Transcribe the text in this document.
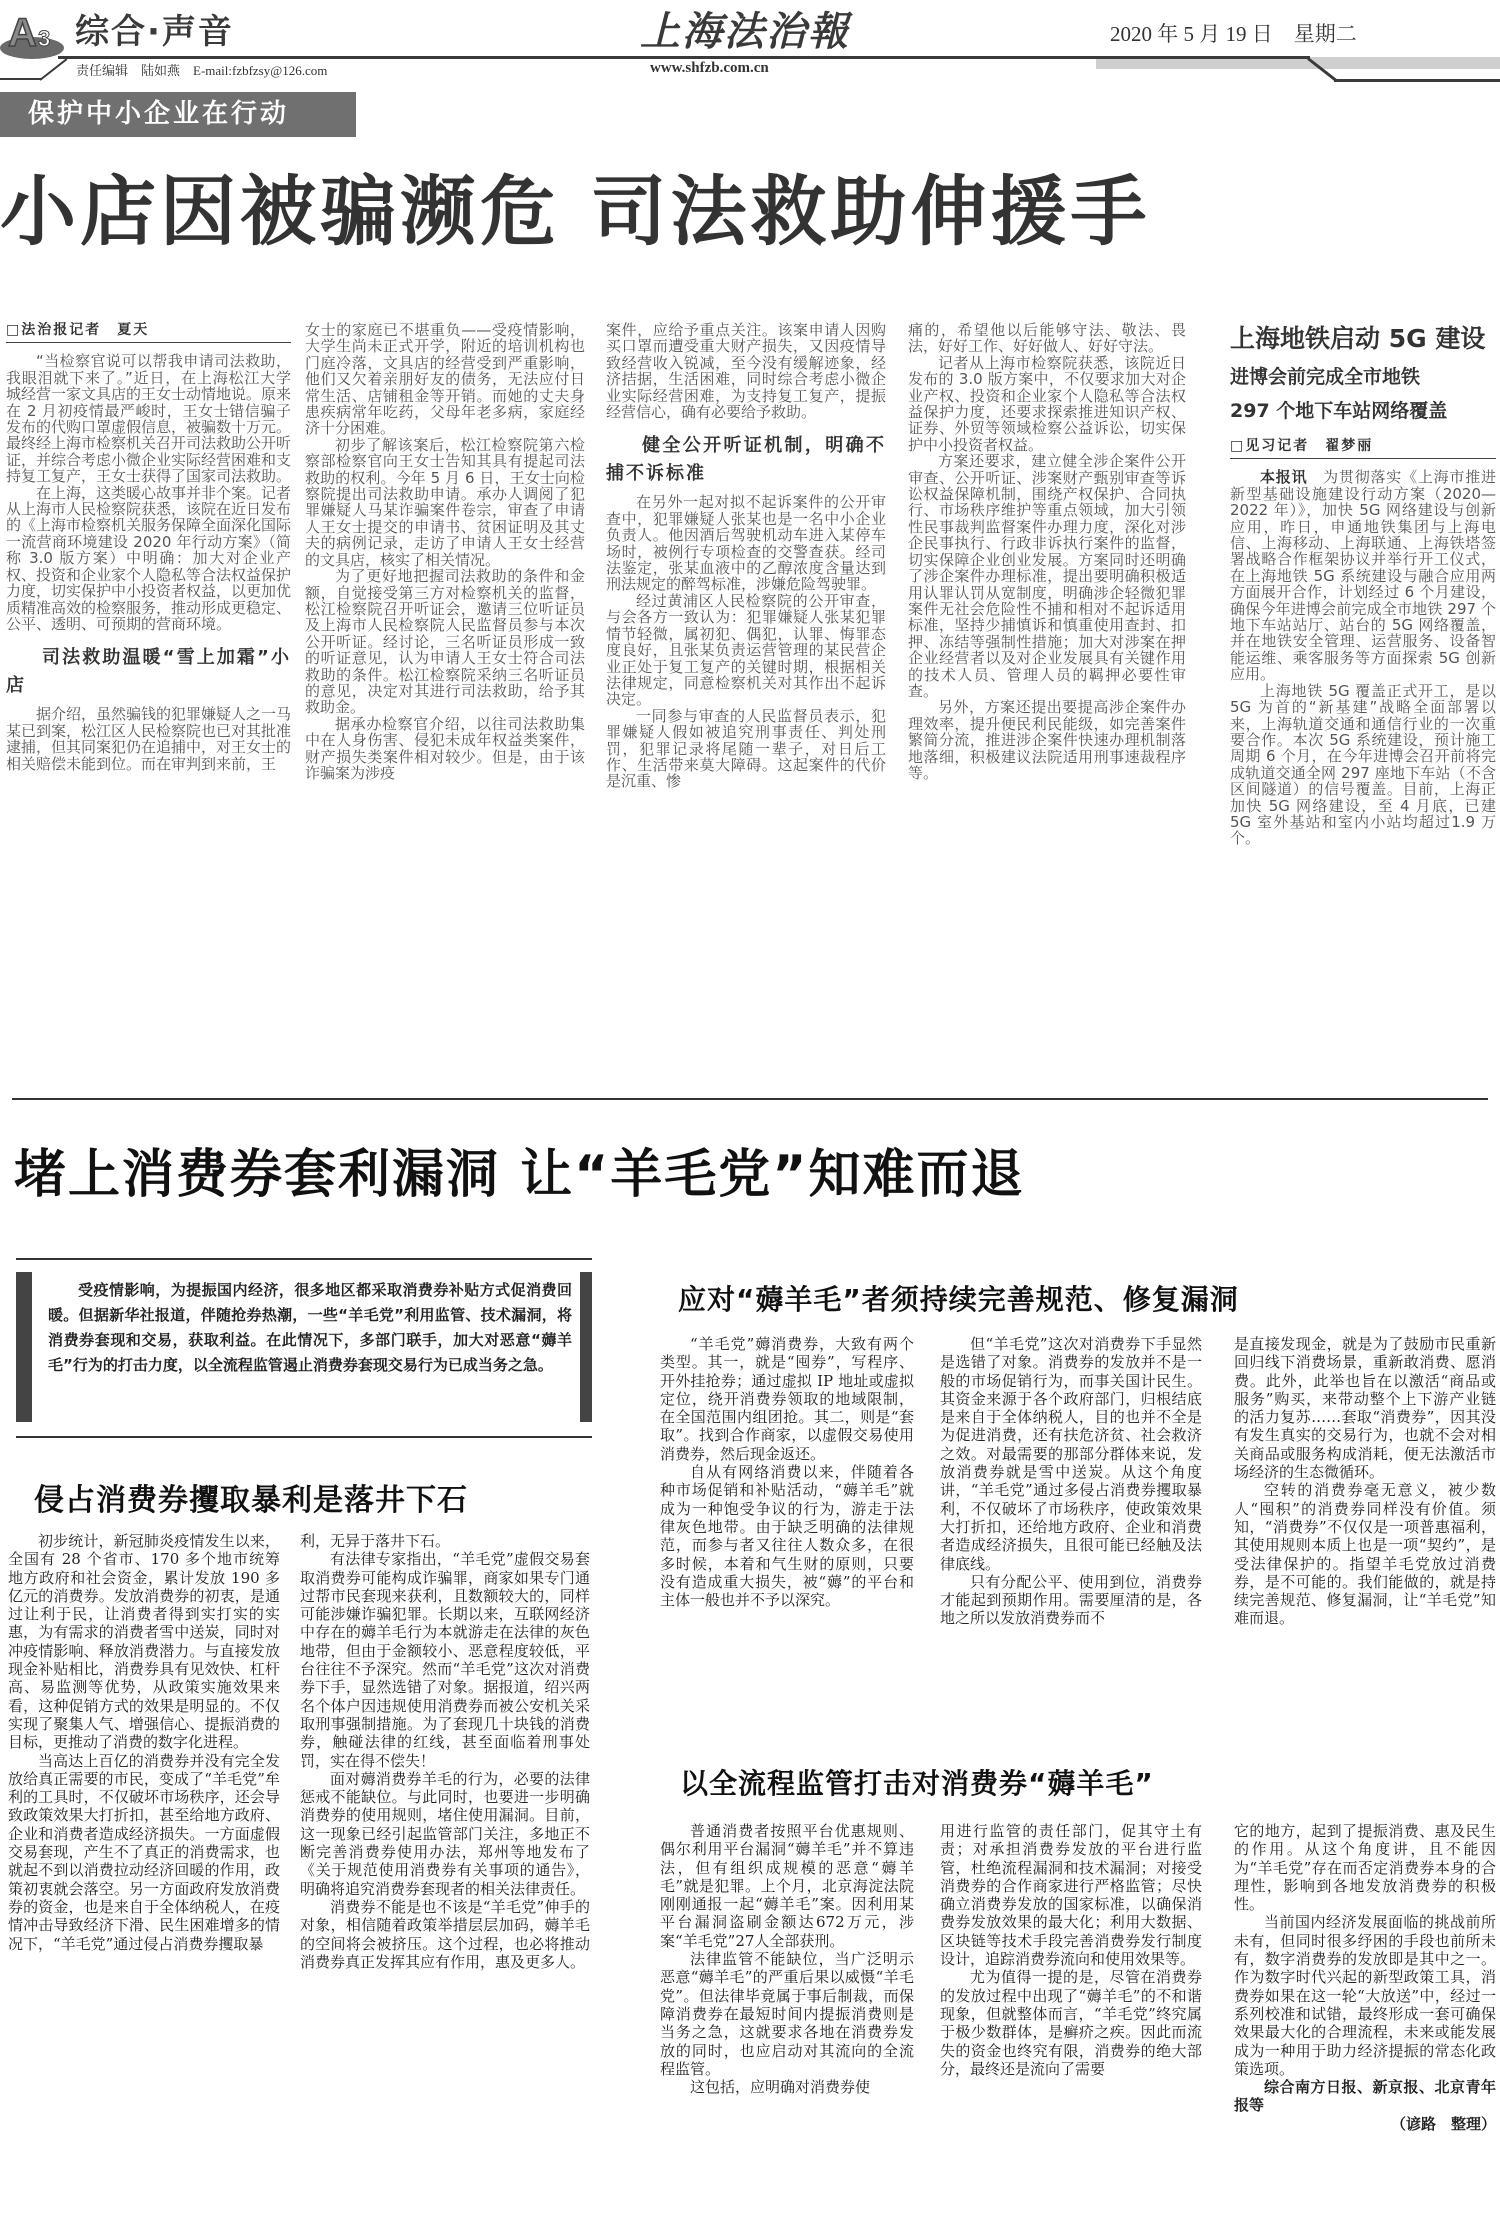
A 3 综合·声音	上海法治報	2020 年 5 月 19 日　星期二
责任编辑　陆如燕　E-mail:fzbfzsy@126.com	www.shfzb.com.cn
保护中小企业在行动
小店因被骗濒危 司法救助伸援手
□法治报记者　夏天

“当检察官说可以帮我申请司法救助，我眼泪就下来了。”近日，在上海松江大学城经营一家文具店的王女士动情地说。原来在 2 月初疫情最严峻时，王女士错信骗子发布的代购口罩虚假信息，被骗数十万元。最终经上海市检察机关召开司法救助公开听证，并综合考虑小微企业实际经营困难和支持复工复产，王女士获得了国家司法救助。

在上海，这类暖心故事并非个案。记者从上海市人民检察院获悉，该院在近日发布的《上海市检察机关服务保障全面深化国际一流营商环境建设 2020 年行动方案》（简称 3.0 版方案）中明确：加大对企业产权、投资和企业家个人隐私等合法权益保护力度，切实保护中小投资者权益，以更加优质精准高效的检察服务，推动形成更稳定、公平、透明、可预期的营商环境。

司法救助温暖“雪上加霜”小店

据介绍，虽然骗钱的犯罪嫌疑人之一马某已到案，松江区人民检察院也已对其批准逮捕，但其同案犯仍在追捕中，对王女士的相关赔偿未能到位。而在审判到来前，王

女士的家庭已不堪重负——受疫情影响，大学生尚未正式开学，附近的培训机构也门庭冷落，文具店的经营受到严重影响，他们又欠着亲朋好友的债务，无法应付日常生活、店铺租金等开销。而她的丈夫身患疾病常年吃药，父母年老多病，家庭经济十分困难。

初步了解该案后，松江检察院第六检察部检察官向王女士告知其具有提起司法救助的权利。今年 5 月 6 日，王女士向检察院提出司法救助申请。承办人调阅了犯罪嫌疑人马某诈骗案件卷宗，审查了申请人王女士提交的申请书、贫困证明及其丈夫的病例记录，走访了申请人王女士经营的文具店，核实了相关情况。

为了更好地把握司法救助的条件和金额，自觉接受第三方对检察机关的监督，松江检察院召开听证会，邀请三位听证员及上海市人民检察院人民监督员参与本次公开听证。经讨论，三名听证员形成一致的听证意见，认为申请人王女士符合司法救助的条件。松江检察院采纳三名听证员的意见，决定对其进行司法救助，给予其救助金。

据承办检察官介绍，以往司法救助集中在人身伤害、侵犯未成年权益类案件，财产损失类案件相对较少。但是，由于该诈骗案为涉疫

案件，应给予重点关注。该案申请人因购买口罩而遭受重大财产损失，又因疫情导致经营收入锐减，至今没有缓解迹象，经济拮据，生活困难，同时综合考虑小微企业实际经营困难，为支持复工复产，提振经营信心，确有必要给予救助。

健全公开听证机制，明确不捕不诉标准

在另外一起对拟不起诉案件的公开审查中，犯罪嫌疑人张某也是一名中小企业负责人。他因酒后驾驶机动车进入某停车场时，被例行专项检查的交警查获。经司法鉴定，张某血液中的乙醇浓度含量达到刑法规定的醉驾标准，涉嫌危险驾驶罪。

经过黄浦区人民检察院的公开审查，与会各方一致认为：犯罪嫌疑人张某犯罪情节轻微，属初犯、偶犯，认罪、悔罪态度良好，且张某负责运营管理的某民营企业正处于复工复产的关键时期，根据相关法律规定，同意检察机关对其作出不起诉决定。

一同参与审查的人民监督员表示，犯罪嫌疑人假如被追究刑事责任、判处刑罚，犯罪记录将尾随一辈子，对日后工作、生活带来莫大障碍。这起案件的代价是沉重、惨

痛的，希望他以后能够守法、敬法、畏法，好好工作、好好做人、好好守法。

记者从上海市检察院获悉，该院近日发布的 3.0 版方案中，不仅要求加大对企业产权、投资和企业家个人隐私等合法权益保护力度，还要求探索推进知识产权、证券、外贸等领域检察公益诉讼，切实保护中小投资者权益。

方案还要求，建立健全涉企案件公开审查、公开听证、涉案财产甄别审查等诉讼权益保障机制，围绕产权保护、合同执行、市场秩序维护等重点领域，加大引领性民事裁判监督案件办理力度，深化对涉企民事执行、行政非诉执行案件的监督，切实保障企业创业发展。方案同时还明确了涉企案件办理标准，提出要明确积极适用认罪认罚从宽制度，明确涉企轻微犯罪案件无社会危险性不捕和相对不起诉适用标准，坚持少捕慎诉和慎重使用查封、扣押、冻结等强制性措施；加大对涉案在押企业经营者以及对企业发展具有关键作用的技术人员、管理人员的羁押必要性审查。

另外，方案还提出要提高涉企案件办理效率，提升便民利民能级，如完善案件繁简分流，推进涉企案件快速办理机制落地落细，积极建议法院适用刑事速裁程序等。

上海地铁启动 5G 建设
进博会前完成全市地铁
297 个地下车站网络覆盖
□见习记者　翟梦丽

本报讯　 为贯彻落实《上海市推进新型基础设施建设行动方案（2020—2022 年）》，加快 5G 网络建设与创新应用，昨日，申通地铁集团与上海电信、上海移动、上海联通、上海铁塔签署战略合作框架协议并举行开工仪式，在上海地铁 5G 系统建设与融合应用两方面展开合作，计划经过 6 个月建设，确保今年进博会前完成全市地铁 297 个地下车站站厅、站台的 5G 网络覆盖，并在地铁安全管理、运营服务、设备智能运维、乘客服务等方面探索 5G 创新应用。

上海地铁 5G 覆盖正式开工，是以 5G 为首的“新基建”战略全面部署以来，上海轨道交通和通信行业的一次重要合作。本次 5G 系统建设，预计施工周期 6 个月，在今年进博会召开前将完成轨道交通全网 297 座地下车站（不含区间隧道）的信号覆盖。目前，上海正加快 5G 网络建设，至 4 月底，已建 5G 室外基站和室内小站均超过1.9 万个。

堵上消费券套利漏洞 让“羊毛党”知难而退
受疫情影响，为提振国内经济，很多地区都采取消费券补贴方式促消费回暖。但据新华社报道，伴随抢券热潮，一些“羊毛党”利用监管、技术漏洞，将消费券套现和交易，获取利益。在此情况下，多部门联手，加大对恶意“薅羊毛”行为的打击力度，以全流程监管遏止消费券套现交易行为已成当务之急。
侵占消费券攫取暴利是落井下石

初步统计，新冠肺炎疫情发生以来，全国有 28 个省市、170 多个地市统筹地方政府和社会资金，累计发放 190 多亿元的消费券。发放消费券的初衷，是通过让利于民，让消费者得到实打实的实惠，为有需求的消费者雪中送炭，同时对冲疫情影响、释放消费潜力。与直接发放现金补贴相比，消费券具有见效快、杠杆高、易监测等优势，从政策实施效果来看，这种促销方式的效果是明显的。不仅实现了聚集人气、增强信心、提振消费的目标，更推动了消费的数字化进程。

当高达上百亿的消费券并没有完全发放给真正需要的市民，变成了“羊毛党”牟利的工具时，不仅破坏市场秩序，还会导致政策效果大打折扣，甚至给地方政府、企业和消费者造成经济损失。一方面虚假交易套现，产生不了真正的消费需求，也就起不到以消费拉动经济回暖的作用，政策初衷就会落空。另一方面政府发放消费券的资金，也是来自于全体纳税人，在疫情冲击导致经济下滑、民生困难增多的情况下，“羊毛党”通过侵占消费券攫取暴

利，无异于落井下石。

有法律专家指出，“羊毛党”虚假交易套取消费券可能构成诈骗罪，商家如果专门通过帮市民套现来获利，且数额较大的，同样可能涉嫌诈骗犯罪。长期以来，互联网经济中存在的薅羊毛行为本就游走在法律的灰色地带，但由于金额较小、恶意程度较低，平台往往不予深究。然而“羊毛党”这次对消费券下手，显然选错了对象。据报道，绍兴两名个体户因违规使用消费券而被公安机关采取刑事强制措施。为了套现几十块钱的消费券，触碰法律的红线，甚至面临着刑事处罚，实在得不偿失！

面对薅消费券羊毛的行为，必要的法律惩戒不能缺位。与此同时，也要进一步明确消费券的使用规则，堵住使用漏洞。目前，这一现象已经引起监管部门关注，多地正不断完善消费券使用办法，郑州等地发布了《关于规范使用消费券有关事项的通告》，明确将追究消费券套现者的相关法律责任。

消费券不能是也不该是“羊毛党”伸手的对象，相信随着政策举措层层加码，薅羊毛的空间将会被挤压。这个过程，也必将推动消费券真正发挥其应有作用，惠及更多人。

应对“薅羊毛”者须持续完善规范、修复漏洞

“羊毛党”薅消费券，大致有两个类型。其一，就是“囤券”，写程序、开外挂抢券；通过虚拟 IP 地址或虚拟定位，绕开消费券领取的地域限制，在全国范围内组团抢。其二，则是“套取”。找到合作商家，以虚假交易使用消费券，然后现金返还。

自从有网络消费以来，伴随着各种市场促销和补贴活动，“薅羊毛”就成为一种饱受争议的行为，游走于法律灰色地带。由于缺乏明确的法律规范，而参与者又往往人数众多，在很多时候，本着和气生财的原则，只要没有造成重大损失，被“薅”的平台和主体一般也并不予以深究。

但“羊毛党”这次对消费券下手显然是选错了对象。消费券的发放并不是一般的市场促销行为，而事关国计民生。其资金来源于各个政府部门，归根结底是来自于全体纳税人，目的也并不全是为促进消费，还有扶危济贫、社会救济之效。对最需要的那部分群体来说，发放消费券就是雪中送炭。从这个角度讲，“羊毛党”通过多侵占消费券攫取暴利，不仅破坏了市场秩序，使政策效果大打折扣，还给地方政府、企业和消费者造成经济损失，且很可能已经触及法律底线。

只有分配公平、使用到位，消费券才能起到预期作用。需要厘清的是，各地之所以发放消费券而不

是直接发现金，就是为了鼓励市民重新回归线下消费场景，重新敢消费、愿消费。此外，此举也旨在以激活“商品或服务”购买，来带动整个上下游产业链的活力复苏……套取“消费券”，因其没有发生真实的交易行为，也就不会对相关商品或服务构成消耗，便无法激活市场经济的生态微循环。

空转的消费券毫无意义，被少数人“囤积”的消费券同样没有价值。须知，“消费券”不仅仅是一项普惠福利，其使用规则本质上也是一项“契约”，是受法律保护的。指望羊毛党放过消费券，是不可能的。我们能做的，就是持续完善规范、修复漏洞，让“羊毛党”知难而退。

以全流程监管打击对消费券“薅羊毛”

普通消费者按照平台优惠规则、偶尔利用平台漏洞“薅羊毛”并不算违法，但有组织成规模的恶意“薅羊毛”就是犯罪。上个月，北京海淀法院刚刚通报一起“薅羊毛”案。因利用某平台漏洞盗刷金额达672万元，涉案“羊毛党”27人全部获刑。

法律监管不能缺位，当广泛明示恶意“薅羊毛”的严重后果以威慑“羊毛党”。但法律毕竟属于事后制裁，而保障消费券在最短时间内提振消费则是当务之急，这就要求各地在消费券发放的同时，也应启动对其流向的全流程监管。

这包括，应明确对消费券使

用进行监管的责任部门，促其守土有责；对承担消费券发放的平台进行监管，杜绝流程漏洞和技术漏洞；对接受消费券的合作商家进行严格监管；尽快确立消费券发放的国家标准，以确保消费券发放效果的最大化；利用大数据、区块链等技术手段完善消费券发行制度设计，追踪消费券流向和使用效果等。

尤为值得一提的是，尽管在消费券的发放过程中出现了“薅羊毛”的不和谐现象，但就整体而言，“羊毛党”终究属于极少数群体，是癣疥之疾。因此而流失的资金也终究有限，消费券的绝大部分，最终还是流向了需要

它的地方，起到了提振消费、惠及民生的作用。从这个角度讲，且不能因为“羊毛党”存在而否定消费券本身的合理性，影响到各地发放消费券的积极性。

当前国内经济发展面临的挑战前所未有，但同时很多纾困的手段也前所未有，数字消费券的发放即是其中之一。作为数字时代兴起的新型政策工具，消费券如果在这一轮“大放送”中，经过一系列校准和试错，最终形成一套可确保效果最大化的合理流程，未来或能发展成为一种用于助力经济提振的常态化政策选项。

综合南方日报、新京报、北京青年报等

（谚路　整理）
